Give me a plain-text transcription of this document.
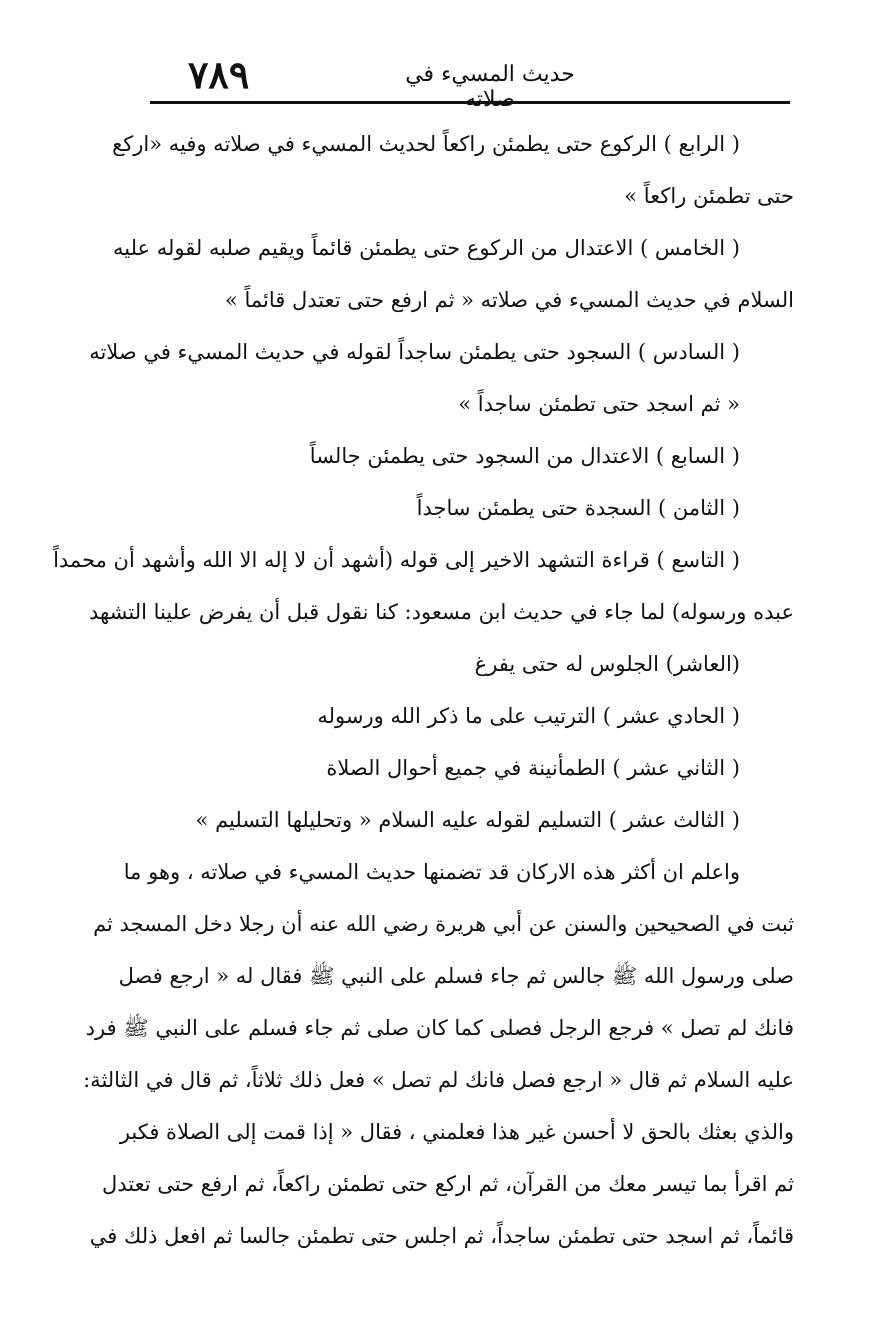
٧٨٩	حديث المسيء في صلاته
( الرابع ) الركوع حتى يطمئن راكعاً لحديث المسيء في صلاته وفيه «اركع
حتى تطمئن راكعاً »
( الخامس ) الاعتدال من الركوع حتى يطمئن قائماً ويقيم صلبه لقوله عليه
السلام في حديث المسيء في صلاته « ثم ارفع حتى تعتدل قائماً »
( السادس ) السجود حتى يطمئن ساجداً لقوله في حديث المسيء في صلاته
« ثم اسجد حتى تطمئن ساجداً »
( السابع ) الاعتدال من السجود حتى يطمئن جالساً
( الثامن ) السجدة حتى يطمئن ساجداً
( التاسع ) قراءة التشهد الاخير إلى قوله (أشهد أن لا إله الا الله وأشهد أن محمداً
عبده ورسوله) لما جاء في حديث ابن مسعود: كنا نقول قبل أن يفرض علينا التشهد
(العاشر) الجلوس له حتى يفرغ
( الحادي عشر ) الترتيب على ما ذكر الله ورسوله
( الثاني عشر ) الطمأنينة في جميع أحوال الصلاة
( الثالث عشر ) التسليم لقوله عليه السلام « وتحليلها التسليم »
واعلم ان أكثر هذه الاركان قد تضمنها حديث المسيء في صلاته ، وهو ما
ثبت في الصحيحين والسنن عن أبي هريرة رضي الله عنه أن رجلا دخل المسجد ثم
صلى ورسول الله ﷺ جالس ثم جاء فسلم على النبي ﷺ فقال له « ارجع فصل
فانك لم تصل » فرجع الرجل فصلى كما كان صلى ثم جاء فسلم على النبي ﷺ فرد
عليه السلام ثم قال « ارجع فصل فانك لم تصل » فعل ذلك ثلاثاً، ثم قال في الثالثة:
والذي بعثك بالحق لا أحسن غير هذا فعلمني ، فقال « إذا قمت إلى الصلاة فكبر
ثم اقرأ بما تيسر معك من القرآن، ثم اركع حتى تطمئن راكعاً، ثم ارفع حتى تعتدل
قائماً، ثم اسجد حتى تطمئن ساجداً، ثم اجلس حتى تطمئن جالسا ثم افعل ذلك في
